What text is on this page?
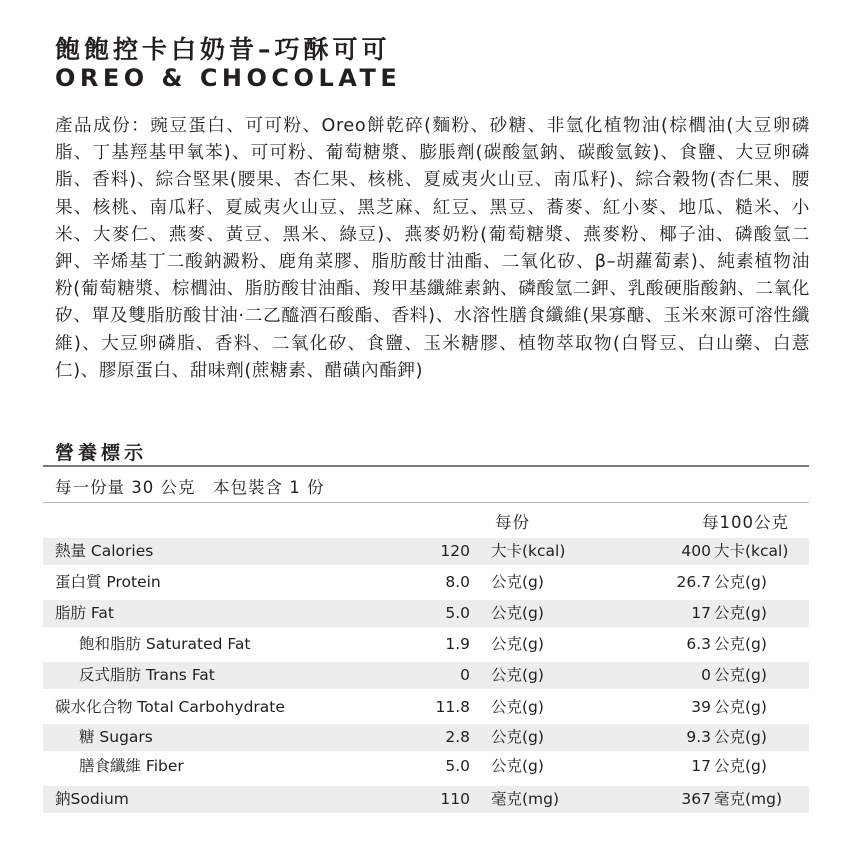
飽飽控卡白奶昔–巧酥可可
OREO & CHOCOLATE

產品成份：豌豆蛋白、可可粉、Oreo餅乾碎(麵粉、砂糖、非氫化植物油(棕櫚油(大豆卵磷脂、丁基羥基甲氧苯)、可可粉、葡萄糖漿、膨脹劑(碳酸氫鈉、碳酸氫銨)、食鹽、大豆卵磷脂、香料)、綜合堅果(腰果、杏仁果、核桃、夏威夷火山豆、南瓜籽)、綜合穀物(杏仁果、腰果、核桃、南瓜籽、夏威夷火山豆、黑芝麻、紅豆、黑豆、蕎麥、紅小麥、地瓜、糙米、小米、大麥仁、燕麥、黃豆、黑米、綠豆)、燕麥奶粉(葡萄糖漿、燕麥粉、椰子油、磷酸氫二鉀、辛烯基丁二酸鈉澱粉、鹿角菜膠、脂肪酸甘油酯、二氧化矽、β–胡蘿蔔素)、純素植物油粉(葡萄糖漿、棕櫚油、脂肪酸甘油酯、羧甲基纖維素鈉、磷酸氫二鉀、乳酸硬脂酸鈉、二氧化矽、單及雙脂肪酸甘油·二乙醯酒石酸酯、香料)、水溶性膳食纖維(果寡醣、玉米來源可溶性纖維)、大豆卵磷脂、香料、二氧化矽、食鹽、玉米糖膠、植物萃取物(白腎豆、白山藥、白薏仁)、膠原蛋白、甜味劑(蔗糖素、醋磺內酯鉀)

營養標示
每一份量 30 公克　本包裝含 1 份
每份	每100公克
熱量 Calories	120 大卡(kcal)	400 大卡(kcal)
蛋白質 Protein	8.0 公克(g)	26.7 公克(g)
脂肪 Fat	5.0 公克(g)	17 公克(g)
飽和脂肪 Saturated Fat	1.9 公克(g)	6.3 公克(g)
反式脂肪 Trans Fat	0 公克(g)	0 公克(g)
碳水化合物 Total Carbohydrate	11.8 公克(g)	39 公克(g)
糖 Sugars	2.8 公克(g)	9.3 公克(g)
膳食纖維 Fiber	5.0 公克(g)	17 公克(g)
鈉Sodium	110 毫克(mg)	367 毫克(mg)
